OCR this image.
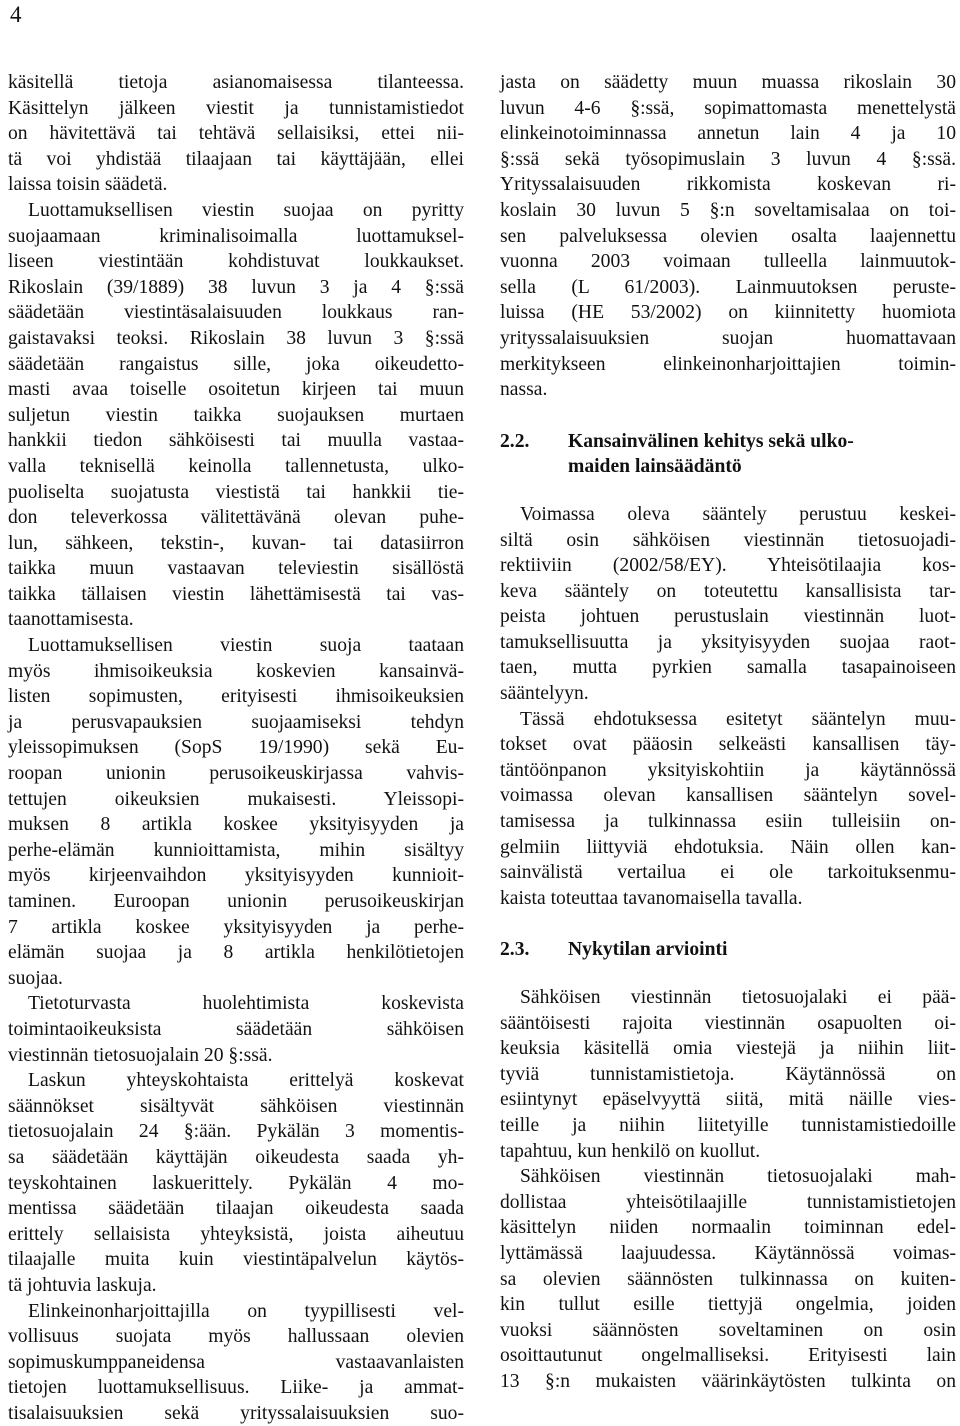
4
käsitellä tietoja asianomaisessa tilanteessa.
Käsittelyn jälkeen viestit ja tunnistamistiedot
on hävitettävä tai tehtävä sellaisiksi, ettei nii-
tä voi yhdistää tilaajaan tai käyttäjään, ellei
laissa toisin säädetä.
Luottamuksellisen viestin suojaa on pyritty
suojaamaan kriminalisoimalla luottamuksel-
liseen viestintään kohdistuvat loukkaukset.
Rikoslain (39/1889) 38 luvun 3 ja 4 §:ssä
säädetään viestintäsalaisuuden loukkaus ran-
gaistavaksi teoksi. Rikoslain 38 luvun 3 §:ssä
säädetään rangaistus sille, joka oikeudetto-
masti avaa toiselle osoitetun kirjeen tai muun
suljetun viestin taikka suojauksen murtaen
hankkii tiedon sähköisesti tai muulla vastaa-
valla teknisellä keinolla tallennetusta, ulko-
puoliselta suojatusta viestistä tai hankkii tie-
don televerkossa välitettävänä olevan puhe-
lun, sähkeen, tekstin-, kuvan- tai datasiirron
taikka muun vastaavan televiestin sisällöstä
taikka tällaisen viestin lähettämisestä tai vas-
taanottamisesta.
Luottamuksellisen viestin suoja taataan
myös ihmisoikeuksia koskevien kansainvä-
listen sopimusten, erityisesti ihmisoikeuksien
ja perusvapauksien suojaamiseksi tehdyn
yleissopimuksen (SopS 19/1990) sekä Eu-
roopan unionin perusoikeuskirjassa vahvis-
tettujen oikeuksien mukaisesti. Yleissopi-
muksen 8 artikla koskee yksityisyyden ja
perhe-elämän kunnioittamista, mihin sisältyy
myös kirjeenvaihdon yksityisyyden kunnioit-
taminen. Euroopan unionin perusoikeuskirjan
7 artikla koskee yksityisyyden ja perhe-
elämän suojaa ja 8 artikla henkilötietojen
suojaa.
Tietoturvasta huolehtimista koskevista
toimintaoikeuksista säädetään sähköisen
viestinnän tietosuojalain 20 §:ssä.
Laskun yhteyskohtaista erittelyä koskevat
säännökset sisältyvät sähköisen viestinnän
tietosuojalain 24 §:ään. Pykälän 3 momentis-
sa säädetään käyttäjän oikeudesta saada yh-
teyskohtainen laskuerittely. Pykälän 4 mo-
mentissa säädetään tilaajan oikeudesta saada
erittely sellaisista yhteyksistä, joista aiheutuu
tilaajalle muita kuin viestintäpalvelun käytös-
tä johtuvia laskuja.
Elinkeinonharjoittajilla on tyypillisesti vel-
vollisuus suojata myös hallussaan olevien
sopimuskumppaneidensa vastaavanlaisten
tietojen luottamuksellisuus. Liike- ja ammat-
tisalaisuuksien sekä yrityssalaisuuksien suo-
jasta on säädetty muun muassa rikoslain 30
luvun 4-6 §:ssä, sopimattomasta menettelystä
elinkeinotoiminnassa annetun lain 4 ja 10
§:ssä sekä työsopimuslain 3 luvun 4 §:ssä.
Yrityssalaisuuden rikkomista koskevan ri-
koslain 30 luvun 5 §:n soveltamisalaa on toi-
sen palveluksessa olevien osalta laajennettu
vuonna 2003 voimaan tulleella lainmuutok-
sella (L 61/2003). Lainmuutoksen peruste-
luissa (HE 53/2002) on kiinnitetty huomiota
yrityssalaisuuksien suojan huomattavaan
merkitykseen elinkeinonharjoittajien toimin-
nassa.
2.2.	Kansainvälinen kehitys sekä ulko-
maiden lainsäädäntö
Voimassa oleva sääntely perustuu keskei-
siltä osin sähköisen viestinnän tietosuojadi-
rektiiviin (2002/58/EY). Yhteisötilaajia kos-
keva sääntely on toteutettu kansallisista tar-
peista johtuen perustuslain viestinnän luot-
tamuksellisuutta ja yksityisyyden suojaa raot-
taen, mutta pyrkien samalla tasapainoiseen
sääntelyyn.
Tässä ehdotuksessa esitetyt sääntelyn muu-
tokset ovat pääosin selkeästi kansallisen täy-
täntöönpanon yksityiskohtiin ja käytännössä
voimassa olevan kansallisen sääntelyn sovel-
tamisessa ja tulkinnassa esiin tulleisiin on-
gelmiin liittyviä ehdotuksia. Näin ollen kan-
sainvälistä vertailua ei ole tarkoituksenmu-
kaista toteuttaa tavanomaisella tavalla.
2.3.	Nykytilan arviointi
Sähköisen viestinnän tietosuojalaki ei pää-
sääntöisesti rajoita viestinnän osapuolten oi-
keuksia käsitellä omia viestejä ja niihin liit-
tyviä tunnistamistietoja. Käytännössä on
esiintynyt epäselvyyttä siitä, mitä näille vies-
teille ja niihin liitetyille tunnistamistiedoille
tapahtuu, kun henkilö on kuollut.
Sähköisen viestinnän tietosuojalaki mah-
dollistaa yhteisötilaajille tunnistamistietojen
käsittelyn niiden normaalin toiminnan edel-
lyttämässä laajuudessa. Käytännössä voimas-
sa olevien säännösten tulkinnassa on kuiten-
kin tullut esille tiettyjä ongelmia, joiden
vuoksi säännösten soveltaminen on osin
osoittautunut ongelmalliseksi. Erityisesti lain
13 §:n mukaisten väärinkäytösten tulkinta on
